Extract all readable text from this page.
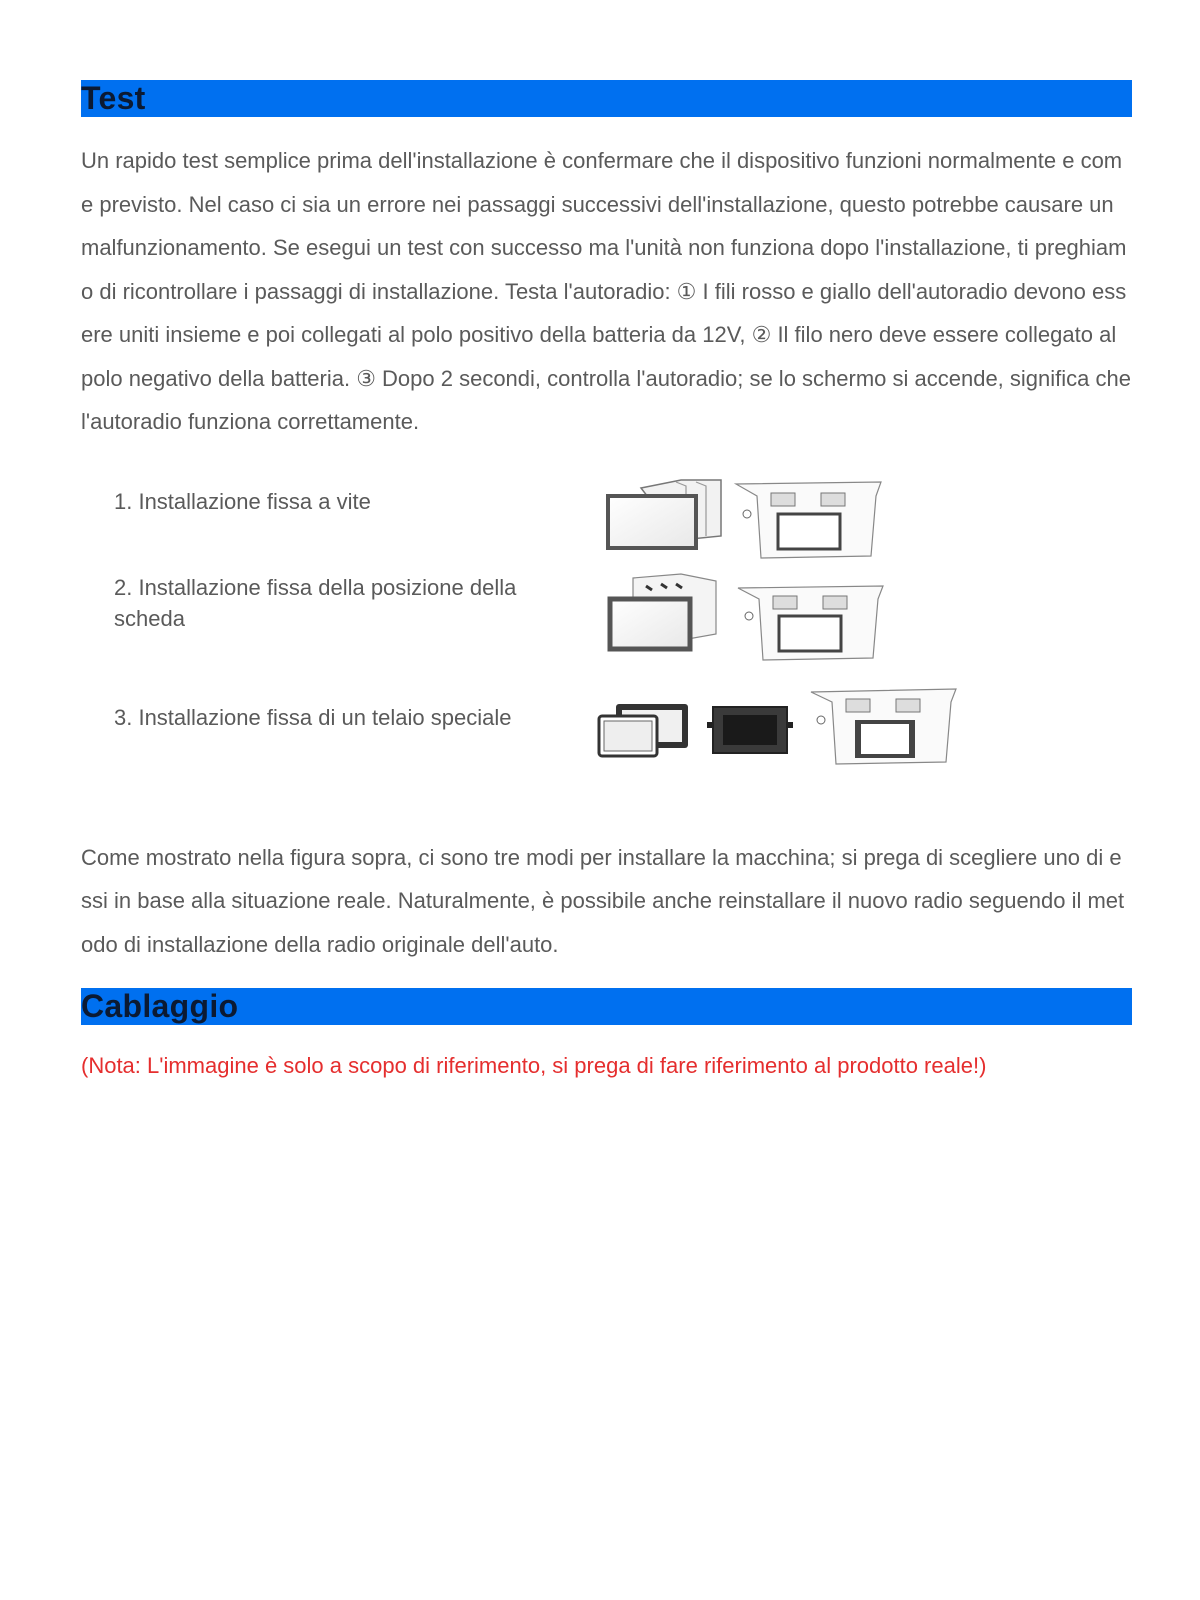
Test

Un rapido test semplice prima dell'installazione è confermare che il dispositivo funzioni normalmente e come previsto. Nel caso ci sia un errore nei passaggi successivi dell'installazione, questo potrebbe causare un malfunzionamento. Se esegui un test con successo ma l'unità non funziona dopo l'installazione, ti preghiamo di ricontrollare i passaggi di installazione. Testa l'autoradio: ① I fili rosso e giallo dell'autoradio devono essere uniti insieme e poi collegati al polo positivo della batteria da 12V, ② Il filo nero deve essere collegato al polo negativo della batteria. ③ Dopo 2 secondi, controlla l'autoradio; se lo schermo si accende, significa che l'autoradio funziona correttamente.

1. Installazione fissa a vite
2. Installazione fissa della posizione della scheda
3. Installazione fissa di un telaio speciale

Come mostrato nella figura sopra, ci sono tre modi per installare la macchina; si prega di scegliere uno di essi in base alla situazione reale. Naturalmente, è possibile anche reinstallare il nuovo radio seguendo il metodo di installazione della radio originale dell'auto.

Cablaggio
(Nota: L'immagine è solo a scopo di riferimento, si prega di fare riferimento al prodotto reale!)
